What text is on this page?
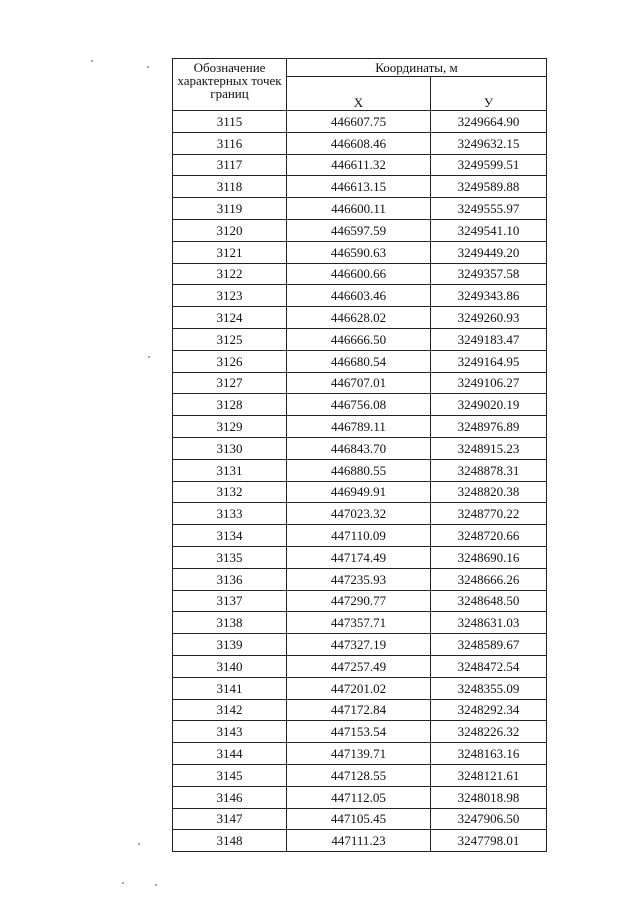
Обозначение характерных точек границ	Координаты, м	
	X	У
3115	446607.75	3249664.90
3116	446608.46	3249632.15
3117	446611.32	3249599.51
3118	446613.15	3249589.88
3119	446600.11	3249555.97
3120	446597.59	3249541.10
3121	446590.63	3249449.20
3122	446600.66	3249357.58
3123	446603.46	3249343.86
3124	446628.02	3249260.93
3125	446666.50	3249183.47
3126	446680.54	3249164.95
3127	446707.01	3249106.27
3128	446756.08	3249020.19
3129	446789.11	3248976.89
3130	446843.70	3248915.23
3131	446880.55	3248878.31
3132	446949.91	3248820.38
3133	447023.32	3248770.22
3134	447110.09	3248720.66
3135	447174.49	3248690.16
3136	447235.93	3248666.26
3137	447290.77	3248648.50
3138	447357.71	3248631.03
3139	447327.19	3248589.67
3140	447257.49	3248472.54
3141	447201.02	3248355.09
3142	447172.84	3248292.34
3143	447153.54	3248226.32
3144	447139.71	3248163.16
3145	447128.55	3248121.61
3146	447112.05	3248018.98
3147	447105.45	3247906.50
3148	447111.23	3247798.01
